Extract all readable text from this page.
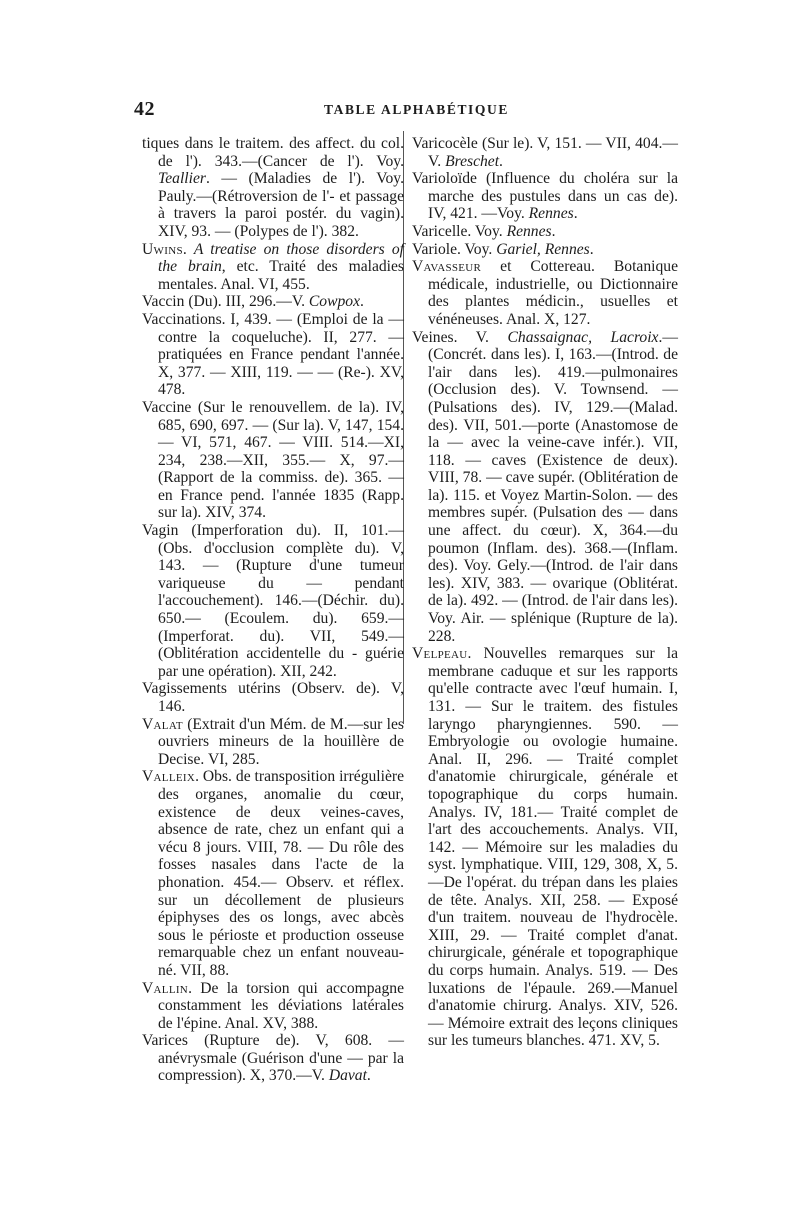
42	TABLE ALPHABÉTIQUE

tiques dans le traitem. des affect. du col. de l'). 343.—(Cancer de l'). Voy. Teallier. — (Maladies de l'). Voy. Pauly.—(Rétroversion de l'- et passage à travers la paroi postér. du vagin). XIV, 93. — (Polypes de l'). 382.

Uwins. A treatise on those disorders of the brain, etc. Traité des maladies mentales. Anal. VI, 455.

Vaccin (Du). III, 296.—V. Cowpox.

Vaccinations. I, 439. — (Emploi de la — contre la coqueluche). II, 277. — pratiquées en France pendant l'année. X, 377. — XIII, 119. — — (Re-). XV, 478.

Vaccine (Sur le renouvellem. de la). IV, 685, 690, 697. — (Sur la). V, 147, 154. — VI, 571, 467. — VIII. 514.—XI, 234, 238.—XII, 355.— X, 97.—(Rapport de la commiss. de). 365. — en France pend. l'année 1835 (Rapp. sur la). XIV, 374.

Vagin (Imperforation du). II, 101.— (Obs. d'occlusion complète du). V, 143. — (Rupture d'une tumeur variqueuse du — pendant l'accouchement). 146.—(Déchir. du). 650.— (Ecoulem. du). 659.—(Imperforat. du). VII, 549.—(Oblitération accidentelle du - guérie par une opération). XII, 242.

Vagissements utérins (Observ. de). V, 146.

Valat (Extrait d'un Mém. de M.—sur les ouvriers mineurs de la houillère de Decise. VI, 285.

Valleix. Obs. de transposition irrégulière des organes, anomalie du cœur, existence de deux veines-caves, absence de rate, chez un enfant qui a vécu 8 jours. VIII, 78. — Du rôle des fosses nasales dans l'acte de la phonation. 454.— Observ. et réflex. sur un décollement de plusieurs épiphyses des os longs, avec abcès sous le périoste et production osseuse remarquable chez un enfant nouveau-né. VII, 88.

Vallin. De la torsion qui accompagne constamment les déviations latérales de l'épine. Anal. XV, 388.

Varices (Rupture de). V, 608. — anévrysmale (Guérison d'une — par la compression). X, 370.—V. Davat.

Varicocèle (Sur le). V, 151. — VII, 404.—V. Breschet.

Varioloïde (Influence du choléra sur la marche des pustules dans un cas de). IV, 421. —Voy. Rennes.

Varicelle. Voy. Rennes.

Variole. Voy. Gariel, Rennes.

Vavasseur et Cottereau. Botanique médicale, industrielle, ou Dictionnaire des plantes médicin., usuelles et vénéneuses. Anal. X, 127.

Veines. V. Chassaignac, Lacroix.— (Concrét. dans les). I, 163.—(Introd. de l'air dans les). 419.—pulmonaires (Occlusion des). V. Townsend. — (Pulsations des). IV, 129.—(Malad. des). VII, 501.—porte (Anastomose de la — avec la veine-cave infér.). VII, 118. — caves (Existence de deux). VIII, 78. — cave supér. (Oblitération de la). 115. et Voyez Martin-Solon. — des membres supér. (Pulsation des — dans une affect. du cœur). X, 364.—du poumon (Inflam. des). 368.—(Inflam. des). Voy. Gely.—(Introd. de l'air dans les). XIV, 383. — ovarique (Oblitérat. de la). 492. — (Introd. de l'air dans les). Voy. Air. — splénique (Rupture de la). 228.

Velpeau. Nouvelles remarques sur la membrane caduque et sur les rapports qu'elle contracte avec l'œuf humain. I, 131. — Sur le traitem. des fistules laryngo pharyngiennes. 590. — Embryologie ou ovologie humaine. Anal. II, 296. — Traité complet d'anatomie chirurgicale, générale et topographique du corps humain. Analys. IV, 181.— Traité complet de l'art des accouchements. Analys. VII, 142. — Mémoire sur les maladies du syst. lymphatique. VIII, 129, 308, X, 5.—De l'opérat. du trépan dans les plaies de tête. Analys. XII, 258. — Exposé d'un traitem. nouveau de l'hydrocèle. XIII, 29. — Traité complet d'anat. chirurgicale, générale et topographique du corps humain. Analys. 519. — Des luxations de l'épaule. 269.—Manuel d'anatomie chirurg. Analys. XIV, 526. — Mémoire extrait des leçons cliniques sur les tumeurs blanches. 471. XV, 5.
